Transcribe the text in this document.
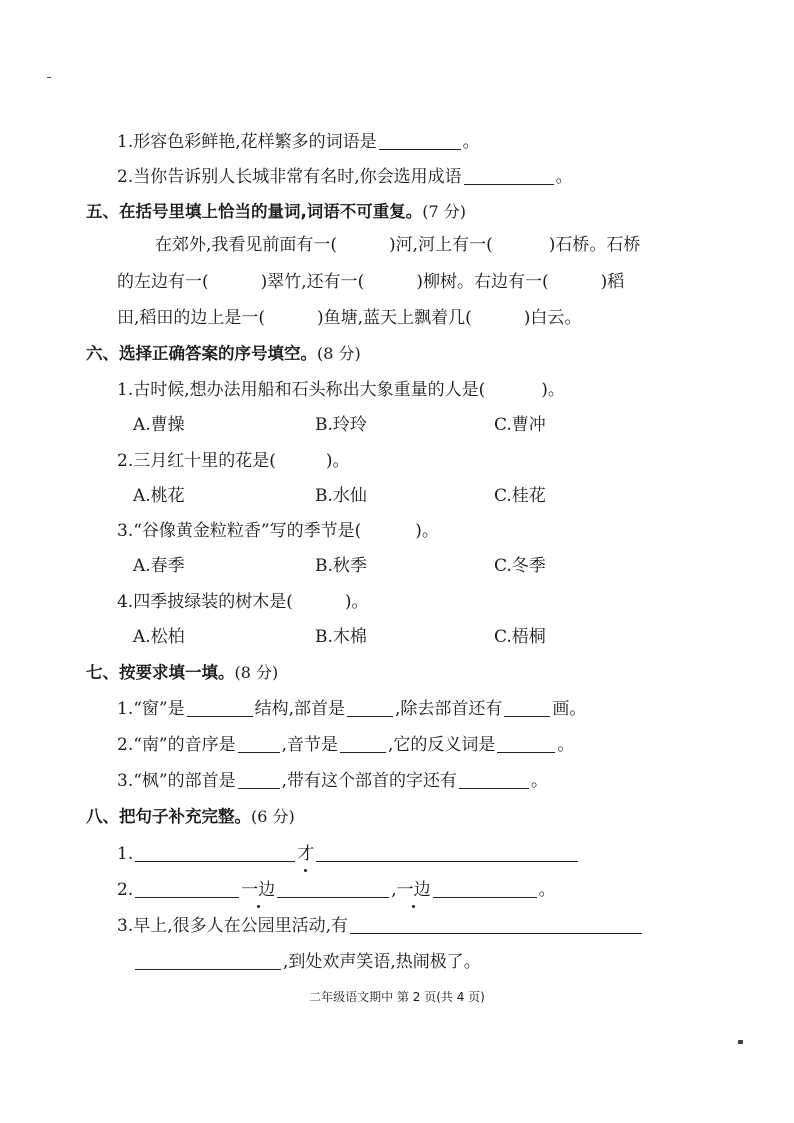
1.形容色彩鲜艳,花样繁多的词语是	。
2.当你告诉别人长城非常有名时,你会选用成语	。
五、在括号里填上恰当的量词,词语不可重复。(7 分)
在郊外,我看见前面有一(	)河,河上有一(	)石桥。石桥
的左边有一(	)翠竹,还有一(	)柳树。右边有一(	)稻
田,稻田的边上是一(	)鱼塘,蓝天上飘着几(	)白云。
六、选择正确答案的序号填空。(8 分)
1.古时候,想办法用船和石头称出大象重量的人是(	)。
A.曹操	B.玲玲	C.曹冲
2.三月红十里的花是(	)。
A.桃花	B.水仙	C.桂花
3.“谷像黄金粒粒香”写的季节是(	)。
A.春季	B.秋季	C.冬季
4.四季披绿装的树木是(	)。
A.松柏	B.木棉	C.梧桐
七、按要求填一填。(8 分)
1.“窗”是	结构,部首是	,除去部首还有	画。
2.“南”的音序是	,音节是	,它的反义词是	。
3.“枫”的部首是	,带有这个部首的字还有	。
八、把句子补充完整。(6 分)
1.	才
2.	一边	,一边	。
3.早上,很多人在公园里活动,有
,到处欢声笑语,热闹极了。
二年级语文期中 第 2 页(共 4 页)
